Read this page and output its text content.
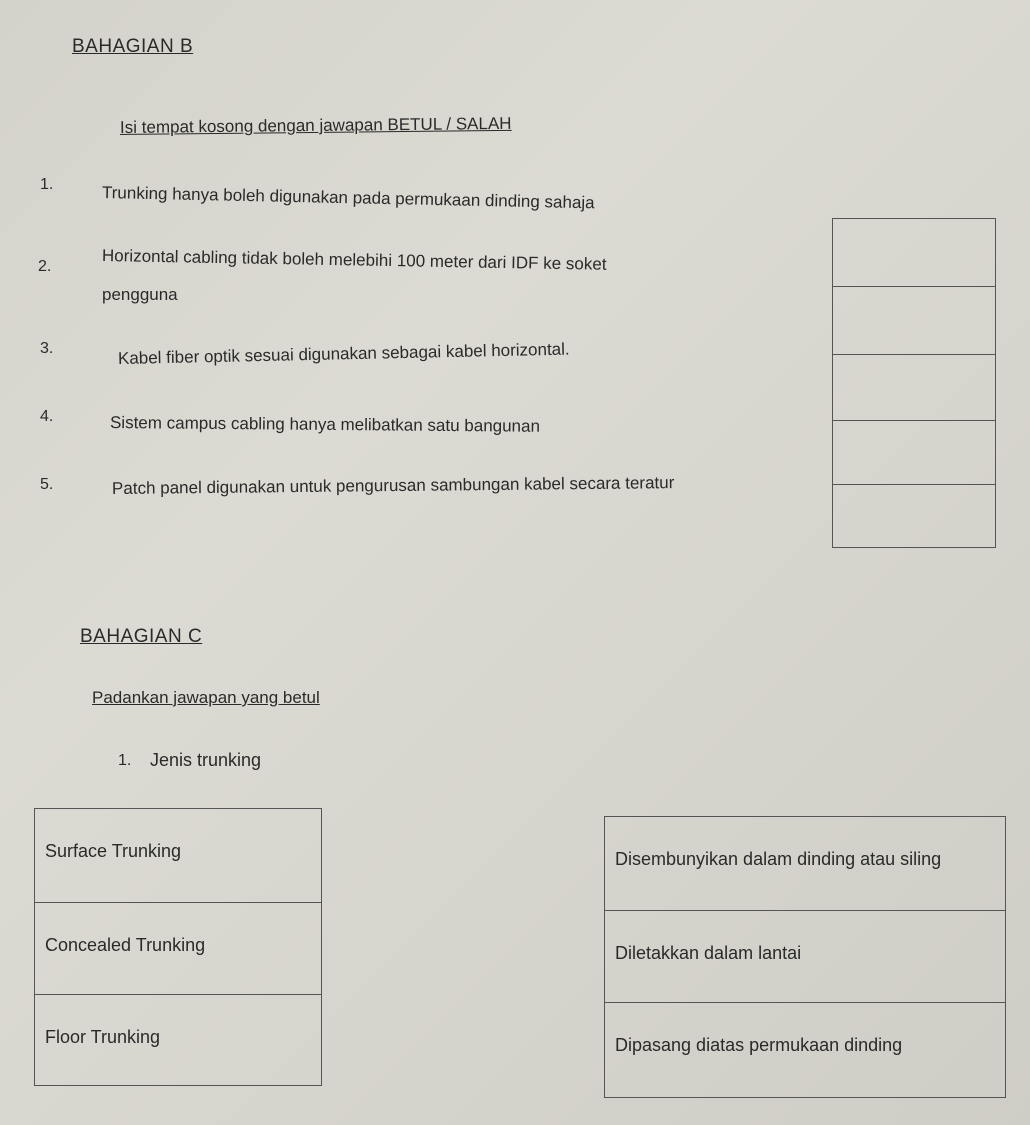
BAHAGIAN B
Isi tempat kosong dengan jawapan BETUL / SALAH
1.	Trunking hanya boleh digunakan pada permukaan dinding sahaja
2.	Horizontal cabling tidak boleh melebihi 100 meter dari IDF ke soket
pengguna
3.	Kabel fiber optik sesuai digunakan sebagai kabel horizontal.
4.	Sistem campus cabling hanya melibatkan satu bangunan
5.	Patch panel digunakan untuk pengurusan sambungan kabel secara teratur
BAHAGIAN C
Padankan jawapan yang betul
1. Jenis trunking
Surface Trunking
Concealed Trunking
Floor Trunking
Disembunyikan dalam dinding atau siling
Diletakkan dalam lantai
Dipasang diatas permukaan dinding
